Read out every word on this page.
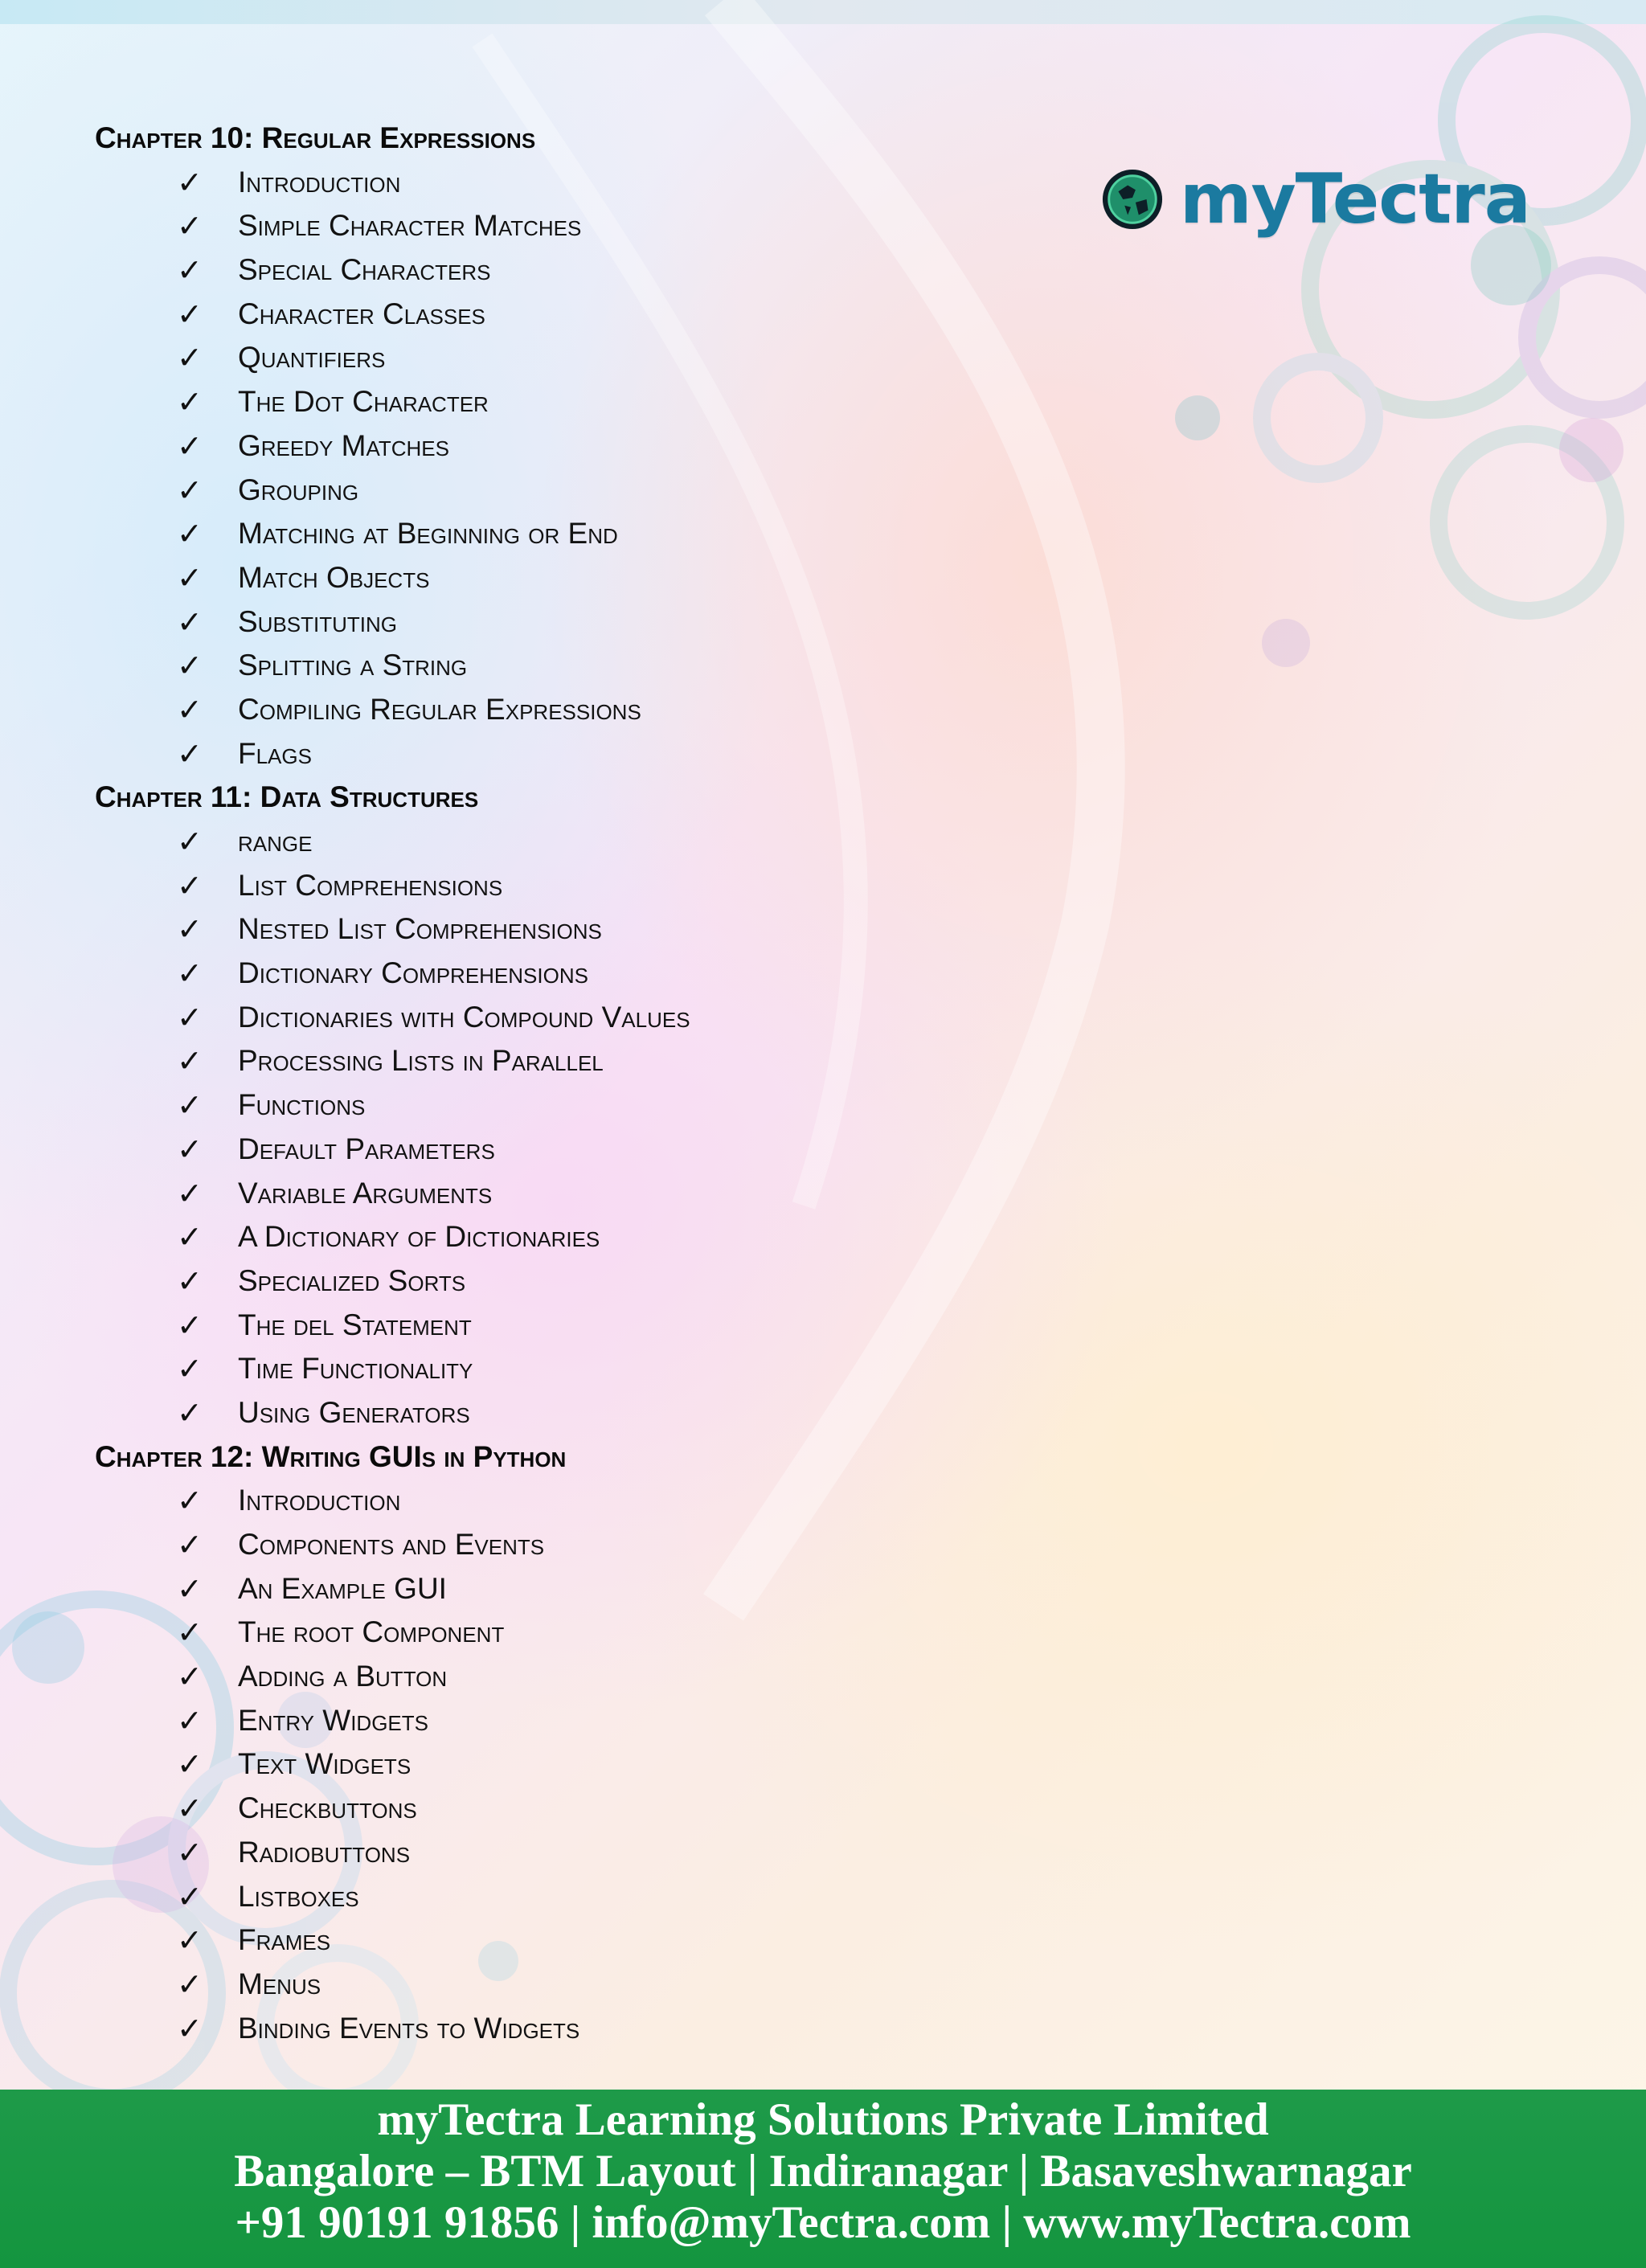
myTectra
Chapter 10: Regular Expressions
✓ Introduction
✓ Simple Character Matches
✓ Special Characters
✓ Character Classes
✓ Quantifiers
✓ The Dot Character
✓ Greedy Matches
✓ Grouping
✓ Matching at Beginning or End
✓ Match Objects
✓ Substituting
✓ Splitting a String
✓ Compiling Regular Expressions
✓ Flags
Chapter 11: Data Structures
✓ range
✓ List Comprehensions
✓ Nested List Comprehensions
✓ Dictionary Comprehensions
✓ Dictionaries with Compound Values
✓ Processing Lists in Parallel
✓ Functions
✓ Default Parameters
✓ Variable Arguments
✓ A Dictionary of Dictionaries
✓ Specialized Sorts
✓ The del Statement
✓ Time Functionality
✓ Using Generators
Chapter 12: Writing GUIs in Python
✓ Introduction
✓ Components and Events
✓ An Example GUI
✓ The root Component
✓ Adding a Button
✓ Entry Widgets
✓ Text Widgets
✓ Checkbuttons
✓ Radiobuttons
✓ Listboxes
✓ Frames
✓ Menus
✓ Binding Events to Widgets
myTectra Learning Solutions Private Limited
Bangalore – BTM Layout | Indiranagar | Basaveshwarnagar
+91 90191 91856 | info@myTectra.com | www.myTectra.com
